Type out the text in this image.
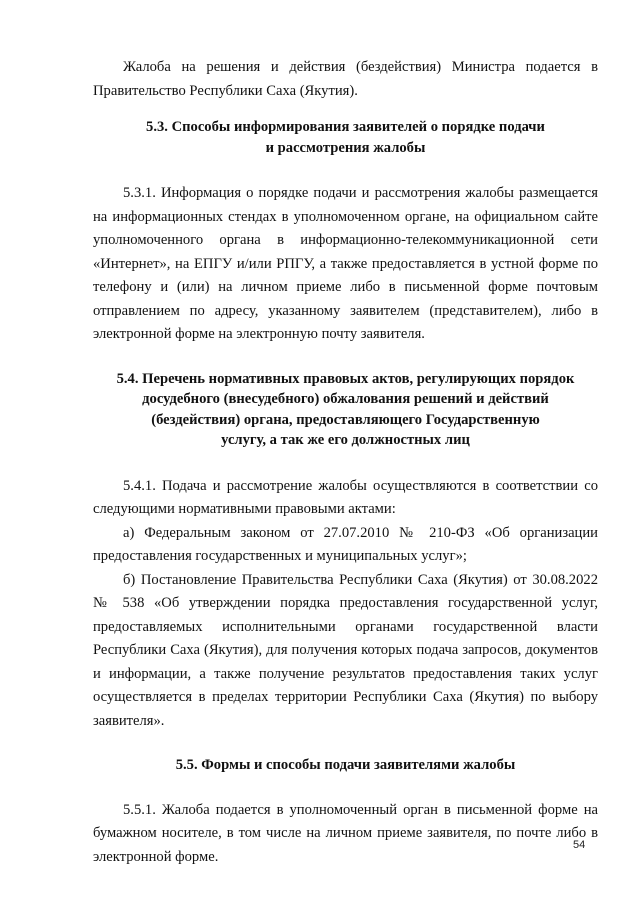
Жалоба на решения и действия (бездействия) Министра подается в Правительство Республики Саха (Якутия).

5.3. Способы информирования заявителей о порядке подачи
и рассмотрения жалобы

5.3.1. Информация о порядке подачи и рассмотрения жалобы размещается на информационных стендах в уполномоченном органе, на официальном сайте уполномоченного органа в информационно-телекоммуникационной сети «Интернет», на ЕПГУ и/или РПГУ, а также предоставляется в устной форме по телефону и (или) на личном приеме либо в письменной форме почтовым отправлением по адресу, указанному заявителем (представителем), либо в электронной форме на электронную почту заявителя.

5.4. Перечень нормативных правовых актов, регулирующих порядок
досудебного (внесудебного) обжалования решений и действий
(бездействия) органа, предоставляющего Государственную
услугу, а так же его должностных лиц

5.4.1. Подача и рассмотрение жалобы осуществляются в соответствии со следующими нормативными правовыми актами:

а) Федеральным законом от 27.07.2010 № 210-ФЗ «Об организации предоставления государственных и муниципальных услуг»;

б) Постановление Правительства Республики Саха (Якутия) от 30.08.2022 № 538 «Об утверждении порядка предоставления государственной услуг, предоставляемых исполнительными органами государственной власти Республики Саха (Якутия), для получения которых подача запросов, документов и информации, а также получение результатов предоставления таких услуг осуществляется в пределах территории Республики Саха (Якутия) по выбору заявителя».

5.5. Формы и способы подачи заявителями жалобы

5.5.1. Жалоба подается в уполномоченный орган в письменной форме на бумажном носителе, в том числе на личном приеме заявителя, по почте либо в электронной форме.

54
